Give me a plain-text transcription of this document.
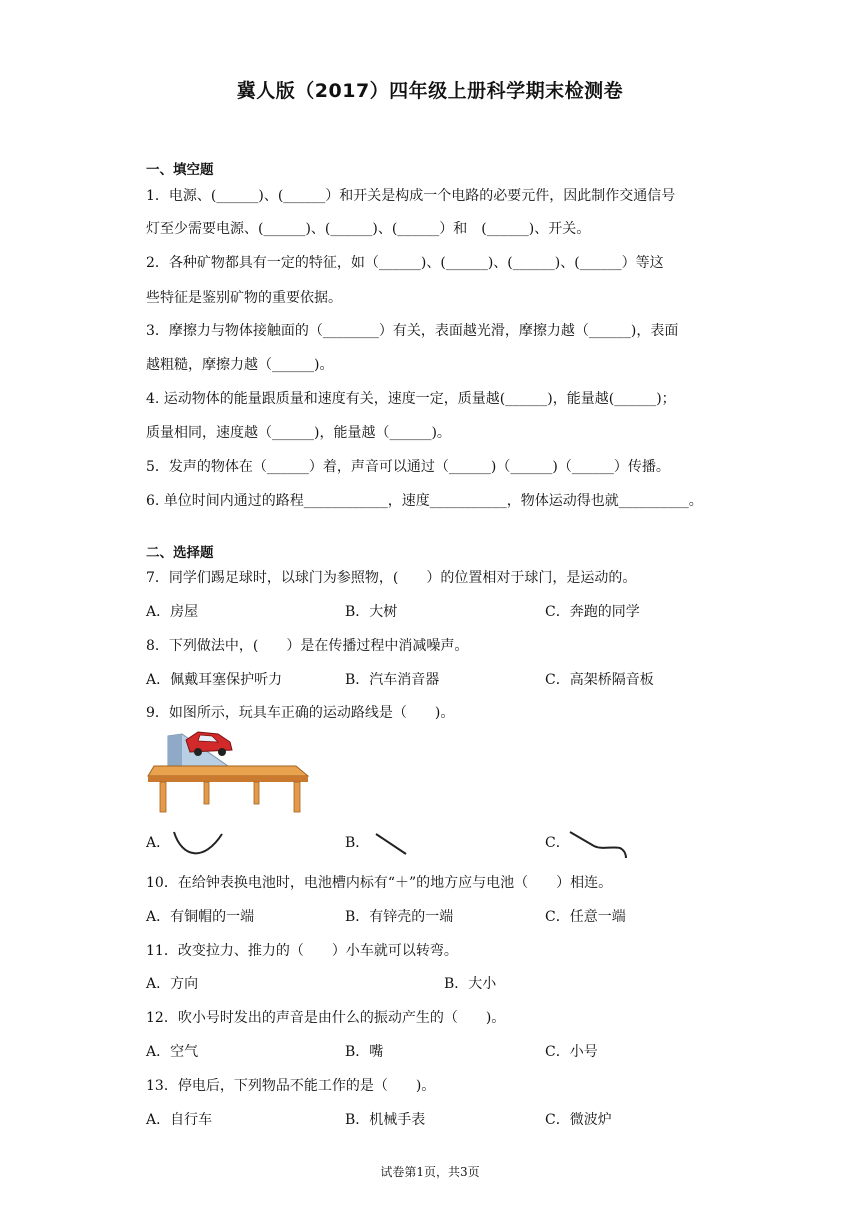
冀人版（2017）四年级上册科学期末检测卷
一、填空题
1．电源、(______)、(______）和开关是构成一个电路的必要元件，因此制作交通信号
灯至少需要电源、(______)、(______)、(______）和　(______)、开关。
2．各种矿物都具有一定的特征，如（______)、(______)、(______)、(______）等这
些特征是鉴别矿物的重要依据。
3．摩擦力与物体接触面的（________）有关，表面越光滑，摩擦力越（______)，表面
越粗糙，摩擦力越（______)。
4. 运动物体的能量跟质量和速度有关，速度一定，质量越(______)，能量越(______)；
质量相同，速度越（______)，能量越（______)。
5．发声的物体在（______）着，声音可以通过（______)（______)（______）传播。
6. 单位时间内通过的路程____________，速度___________，物体运动得也就__________。
二、选择题
7．同学们踢足球时，以球门为参照物，(　　）的位置相对于球门，是运动的。
A．房屋	B．大树	C．奔跑的同学
8．下列做法中，(　　）是在传播过程中消减噪声。
A．佩戴耳塞保护听力	B．汽车消音器	C．高架桥隔音板
9．如图所示，玩具车正确的运动路线是（　　)。
A．	B．	C．
10．在给钟表换电池时，电池槽内标有“＋”的地方应与电池（　　）相连。
A．有铜帽的一端	B．有锌壳的一端	C．任意一端
11．改变拉力、推力的（　　）小车就可以转弯。
A．方向	B．大小
12．吹小号时发出的声音是由什么的振动产生的（　　)。
A．空气	B．嘴	C．小号
13．停电后，下列物品不能工作的是（　　)。
A．自行车	B．机械手表	C．微波炉
试卷第1页，共3页
